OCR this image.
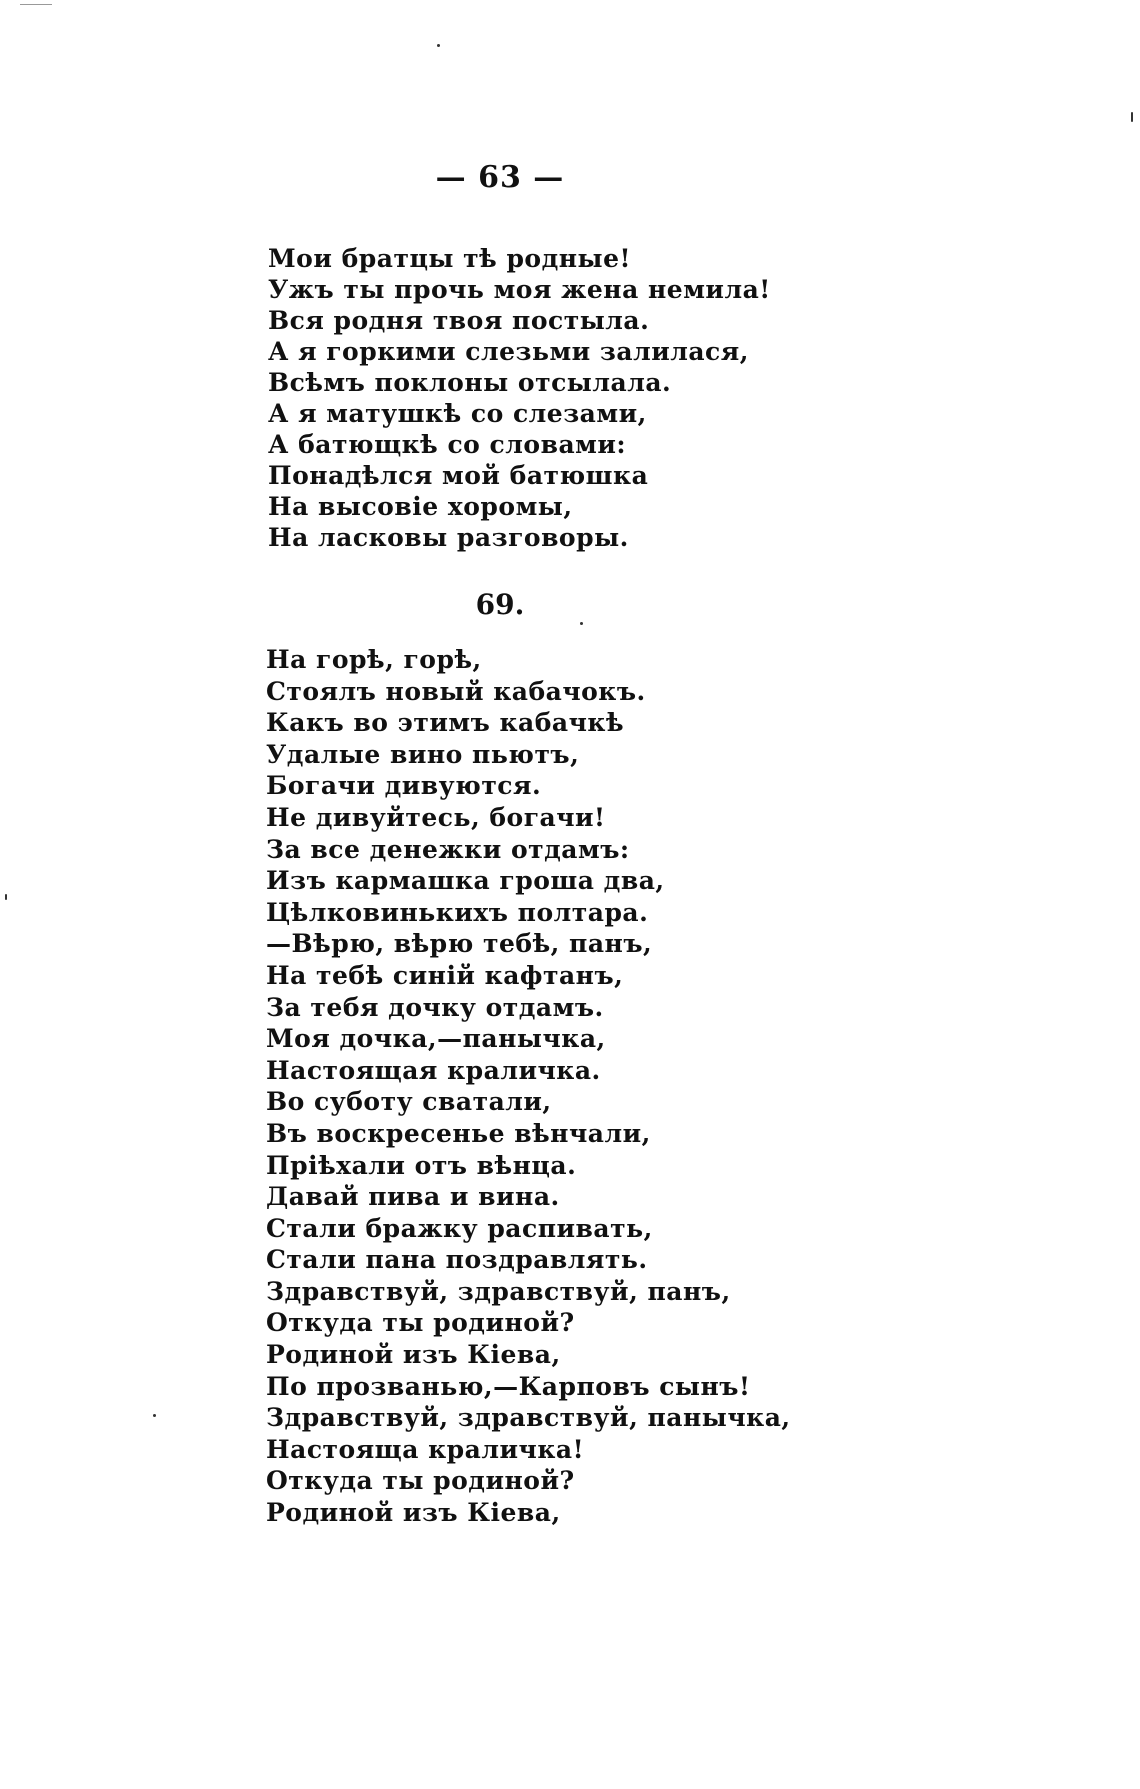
— 63 —
Мои братцы тѣ родные!
Ужъ ты прочь моя жена немила!
Вся родня твоя постыла.
А я горкими слезьми залилася,
Всѣмъ поклоны отсылала.
А я матушкѣ со слезами,
А батющкѣ со словами:
Понадѣлся мой батюшка
На высовіе хоромы,
На ласковы разговоры.
69.
На горѣ, горѣ,
Стоялъ новый кабачокъ.
Какъ во этимъ кабачкѣ
Удалые вино пьютъ,
Богачи дивуются.
Не дивуйтесь, богачи!
За все денежки отдамъ:
Изъ кармашка гроша два,
Цѣлковинькихъ полтара.
—Вѣрю, вѣрю тебѣ, панъ,
На тебѣ синій кафтанъ,
За тебя дочку отдамъ.
Моя дочка,—панычка,
Настоящая краличка.
Во суботу сватали,
Въ воскресенье вѣнчали,
Пріѣхали отъ вѣнца.
Давай пива и вина.
Стали бражку распивать,
Стали пана поздравлять.
Здравствуй, здравствуй, панъ,
Откуда ты родиной?
Родиной изъ Кіева,
По прозванью,—Карповъ сынъ!
Здравствуй, здравствуй, панычка,
Настояща краличка!
Откуда ты родиной?
Родиной изъ Кіева,
